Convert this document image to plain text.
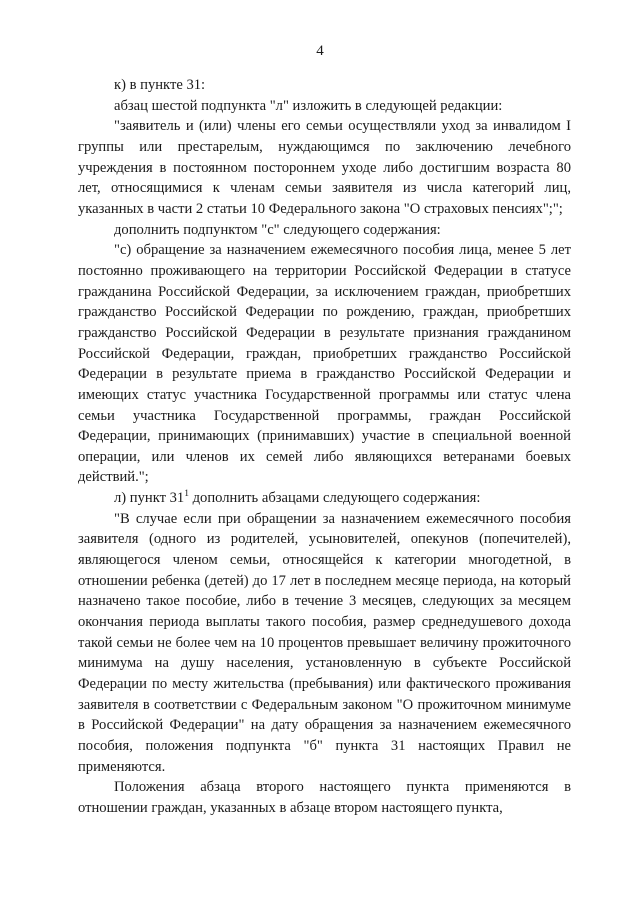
4

к) в пункте 31:

абзац шестой подпункта "л" изложить в следующей редакции:

"заявитель и (или) члены его семьи осуществляли уход за инвалидом I группы или престарелым, нуждающимся по заключению лечебного учреждения в постоянном постороннем уходе либо достигшим возраста 80 лет, относящимися к членам семьи заявителя из числа категорий лиц, указанных в части 2 статьи 10 Федерального закона "О страховых пенсиях";";

дополнить подпунктом "с" следующего содержания:

"с) обращение за назначением ежемесячного пособия лица, менее 5 лет постоянно проживающего на территории Российской Федерации в статусе гражданина Российской Федерации, за исключением граждан, приобретших гражданство Российской Федерации по рождению, граждан, приобретших гражданство Российской Федерации в результате признания гражданином Российской Федерации, граждан, приобретших гражданство Российской Федерации в результате приема в гражданство Российской Федерации и имеющих статус участника Государственной программы или статус члена семьи участника Государственной программы, граждан Российской Федерации, принимающих (принимавших) участие в специальной военной операции, или членов их семей либо являющихся ветеранами боевых действий.";

л) пункт $31^1$ дополнить абзацами следующего содержания:

"В случае если при обращении за назначением ежемесячного пособия заявителя (одного из родителей, усыновителей, опекунов (попечителей), являющегося членом семьи, относящейся к категории многодетной, в отношении ребенка (детей) до 17 лет в последнем месяце периода, на который назначено такое пособие, либо в течение 3 месяцев, следующих за месяцем окончания периода выплаты такого пособия, размер среднедушевого дохода такой семьи не более чем на 10 процентов превышает величину прожиточного минимума на душу населения, установленную в субъекте Российской Федерации по месту жительства (пребывания) или фактического проживания заявителя в соответствии с Федеральным законом "О прожиточном минимуме в Российской Федерации" на дату обращения за назначением ежемесячного пособия, положения подпункта "б" пункта 31 настоящих Правил не применяются.

Положения абзаца второго настоящего пункта применяются в отношении граждан, указанных в абзаце втором настоящего пункта,
